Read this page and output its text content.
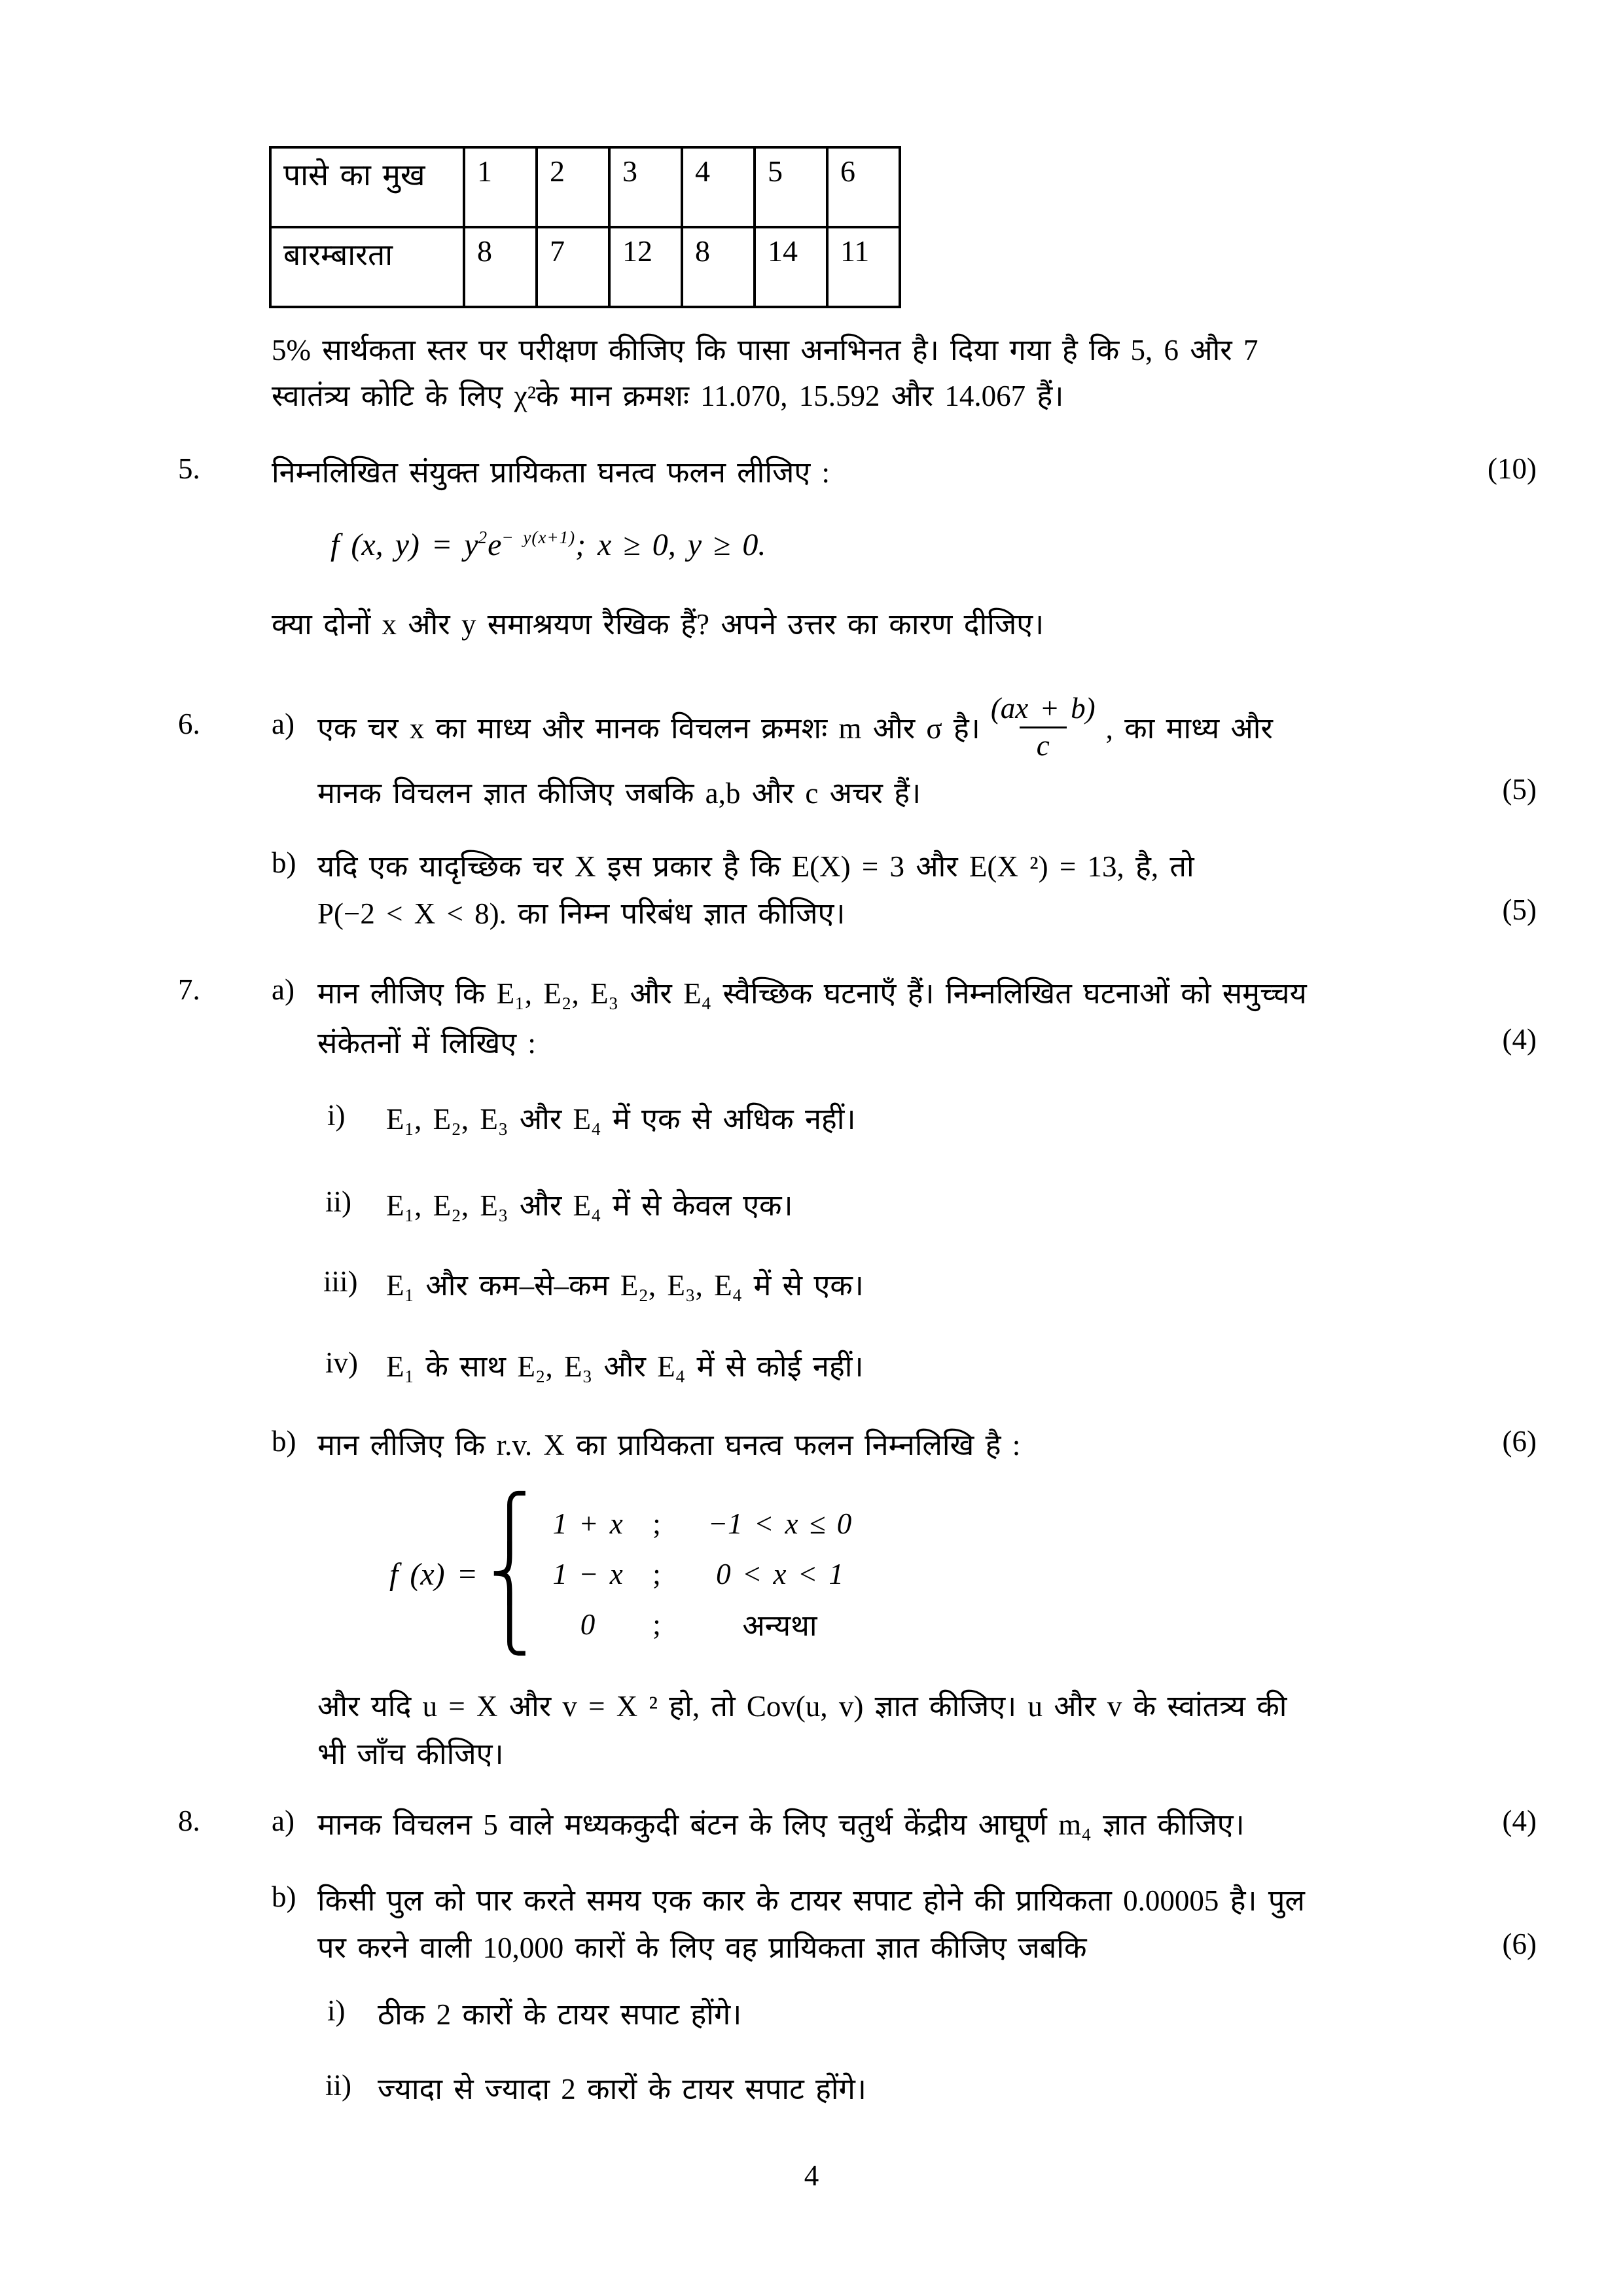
पासे का मुख	1	2	3	4	5	6
बारम्बारता	8	7	12	8	14	11
5% सार्थकता स्तर पर परीक्षण कीजिए कि पासा अनभिनत है। दिया गया है कि 5, 6 और 7
स्वातंत्र्य कोटि के लिए χ²के मान क्रमशः 11.070, 15.592 और 14.067 हैं।
5. निम्नलिखित संयुक्त प्रायिकता घनत्व फलन लीजिए :	(10)
f (x, $y) = y^2e^{- y(x+1)}$; x ≥ 0, y ≥ 0.
क्या दोनों x और y समाश्रयण रैखिक हैं? अपने उत्तर का कारण दीजिए।
6. a) एक चर x का माध्य और मानक विचलन क्रमशः m और σ है। $\frac{(ax + b)}{c}$ , का माध्य और
मानक विचलन ज्ञात कीजिए जबकि a,b और c अचर हैं।	(5)
b) यदि एक यादृच्छिक चर X इस प्रकार है कि E(X) = 3 और E(X ²) = 13, है, तो
P(−2 < X < 8). का निम्न परिबंध ज्ञात कीजिए।	(5)
7. a) मान लीजिए कि E₁, E₂, E₃ और E₄ स्वैच्छिक घटनाएँ हैं। निम्नलिखित घटनाओं को समुच्चय
संकेतनों में लिखिए :	(4)
i) E₁, E₂, E₃ और E₄ में एक से अधिक नहीं।
ii) E₁, E₂, E₃ और E₄ में से केवल एक।
iii) E₁ और कम–से–कम E₂, E₃, E₄ में से एक।
iv) E₁ के साथ E₂, E₃ और E₄ में से कोई नहीं।
b) मान लीजिए कि r.v. X का प्रायिकता घनत्व फलन निम्नलिखि है :	(6)
f (x) =
⎧
⎨
⎩
1 + x	;	−1 < x ≤ 0
1 − x	;	0 < x < 1
0	;	अन्यथा
और यदि u = X और v = X ² हो, तो Cov(u, v) ज्ञात कीजिए। u और v के स्वांतत्र्य की
भी जाँच कीजिए।
8. a) मानक विचलन 5 वाले मध्यककुदी बंटन के लिए चतुर्थ केंद्रीय आघूर्ण m₄ ज्ञात कीजिए।	(4)
b) किसी पुल को पार करते समय एक कार के टायर सपाट होने की प्रायिकता 0.00005 है। पुल
पर करने वाली 10,000 कारों के लिए वह प्रायिकता ज्ञात कीजिए जबकि	(6)
i) ठीक 2 कारों के टायर सपाट होंगे।
ii) ज्यादा से ज्यादा 2 कारों के टायर सपाट होंगे।
4
